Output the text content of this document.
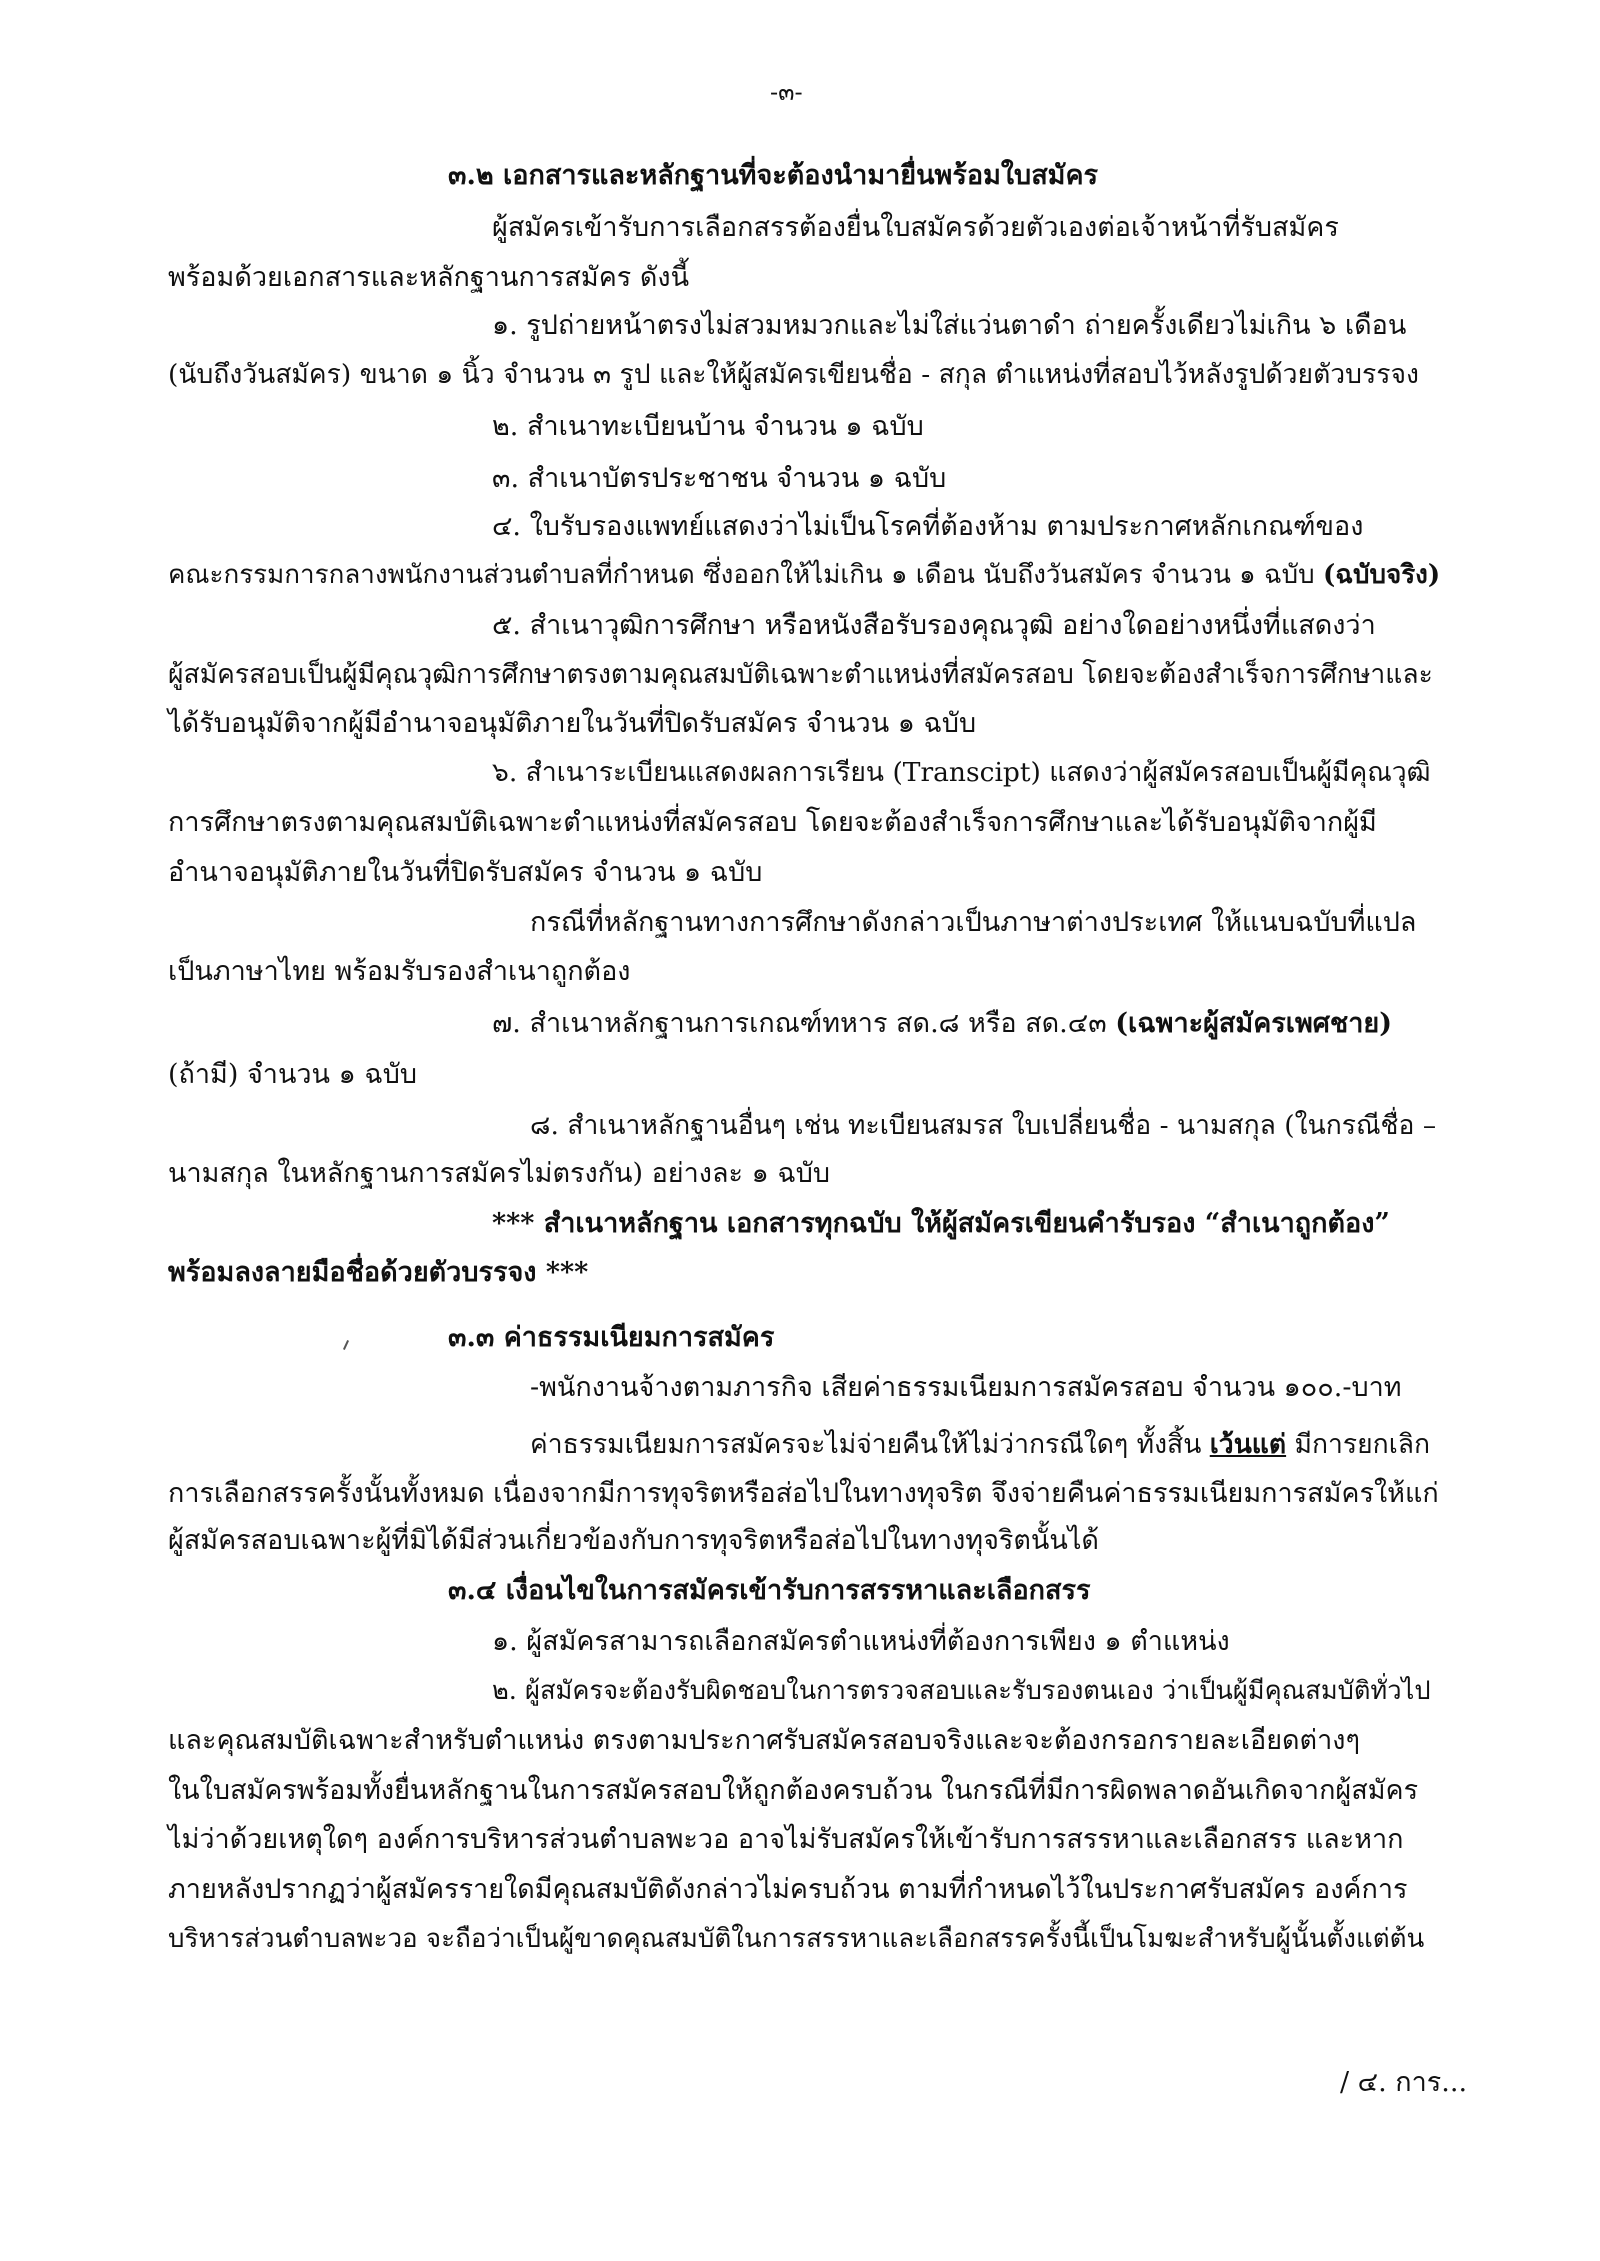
-๓-
๓.๒ เอกสารและหลักฐานที่จะต้องนำมายื่นพร้อมใบสมัคร
ผู้สมัครเข้ารับการเลือกสรรต้องยื่นใบสมัครด้วยตัวเองต่อเจ้าหน้าที่รับสมัคร
พร้อมด้วยเอกสารและหลักฐานการสมัคร ดังนี้
๑. รูปถ่ายหน้าตรงไม่สวมหมวกและไม่ใส่แว่นตาดำ ถ่ายครั้งเดียวไม่เกิน ๖ เดือน
(นับถึงวันสมัคร) ขนาด ๑ นิ้ว จำนวน ๓ รูป และให้ผู้สมัครเขียนชื่อ - สกุล ตำแหน่งที่สอบไว้หลังรูปด้วยตัวบรรจง
๒. สำเนาทะเบียนบ้าน จำนวน ๑ ฉบับ
๓. สำเนาบัตรประชาชน จำนวน ๑ ฉบับ
๔. ใบรับรองแพทย์แสดงว่าไม่เป็นโรคที่ต้องห้าม ตามประกาศหลักเกณฑ์ของ
คณะกรรมการกลางพนักงานส่วนตำบลที่กำหนด ซึ่งออกให้ไม่เกิน ๑ เดือน นับถึงวันสมัคร จำนวน ๑ ฉบับ (ฉบับจริง)
๕. สำเนาวุฒิการศึกษา หรือหนังสือรับรองคุณวุฒิ อย่างใดอย่างหนึ่งที่แสดงว่า
ผู้สมัครสอบเป็นผู้มีคุณวุฒิการศึกษาตรงตามคุณสมบัติเฉพาะตำแหน่งที่สมัครสอบ โดยจะต้องสำเร็จการศึกษาและ
ได้รับอนุมัติจากผู้มีอำนาจอนุมัติภายในวันที่ปิดรับสมัคร จำนวน ๑ ฉบับ
๖. สำเนาระเบียนแสดงผลการเรียน (Transcipt) แสดงว่าผู้สมัครสอบเป็นผู้มีคุณวุฒิ
การศึกษาตรงตามคุณสมบัติเฉพาะตำแหน่งที่สมัครสอบ โดยจะต้องสำเร็จการศึกษาและได้รับอนุมัติจากผู้มี
อำนาจอนุมัติภายในวันที่ปิดรับสมัคร จำนวน ๑ ฉบับ
กรณีที่หลักฐานทางการศึกษาดังกล่าวเป็นภาษาต่างประเทศ ให้แนบฉบับที่แปล
เป็นภาษาไทย พร้อมรับรองสำเนาถูกต้อง
๗. สำเนาหลักฐานการเกณฑ์ทหาร สด.๘ หรือ สด.๔๓ (เฉพาะผู้สมัครเพศชาย)
(ถ้ามี) จำนวน ๑ ฉบับ
๘. สำเนาหลักฐานอื่นๆ เช่น ทะเบียนสมรส ใบเปลี่ยนชื่อ - นามสกุล (ในกรณีชื่อ –
นามสกุล ในหลักฐานการสมัครไม่ตรงกัน) อย่างละ ๑ ฉบับ
*** สำเนาหลักฐาน เอกสารทุกฉบับ ให้ผู้สมัครเขียนคำรับรอง “สำเนาถูกต้อง”
พร้อมลงลายมือชื่อด้วยตัวบรรจง ***
๓.๓ ค่าธรรมเนียมการสมัคร
-พนักงานจ้างตามภารกิจ เสียค่าธรรมเนียมการสมัครสอบ จำนวน ๑๐๐.-บาท
ค่าธรรมเนียมการสมัครจะไม่จ่ายคืนให้ไม่ว่ากรณีใดๆ ทั้งสิ้น เว้นแต่ มีการยกเลิก
การเลือกสรรครั้งนั้นทั้งหมด เนื่องจากมีการทุจริตหรือส่อไปในทางทุจริต จึงจ่ายคืนค่าธรรมเนียมการสมัครให้แก่
ผู้สมัครสอบเฉพาะผู้ที่มิได้มีส่วนเกี่ยวข้องกับการทุจริตหรือส่อไปในทางทุจริตนั้นได้
๓.๔ เงื่อนไขในการสมัครเข้ารับการสรรหาและเลือกสรร
๑. ผู้สมัครสามารถเลือกสมัครตำแหน่งที่ต้องการเพียง ๑ ตำแหน่ง
๒. ผู้สมัครจะต้องรับผิดชอบในการตรวจสอบและรับรองตนเอง ว่าเป็นผู้มีคุณสมบัติทั่วไป
และคุณสมบัติเฉพาะสำหรับตำแหน่ง ตรงตามประกาศรับสมัครสอบจริงและจะต้องกรอกรายละเอียดต่างๆ
ในใบสมัครพร้อมทั้งยื่นหลักฐานในการสมัครสอบให้ถูกต้องครบถ้วน ในกรณีที่มีการผิดพลาดอันเกิดจากผู้สมัคร
ไม่ว่าด้วยเหตุใดๆ องค์การบริหารส่วนตำบลพะวอ อาจไม่รับสมัครให้เข้ารับการสรรหาและเลือกสรร และหาก
ภายหลังปรากฏว่าผู้สมัครรายใดมีคุณสมบัติดังกล่าวไม่ครบถ้วน ตามที่กำหนดไว้ในประกาศรับสมัคร องค์การ
บริหารส่วนตำบลพะวอ จะถือว่าเป็นผู้ขาดคุณสมบัติในการสรรหาและเลือกสรรครั้งนี้เป็นโมฆะสำหรับผู้นั้นตั้งแต่ต้น
/ ๔. การ...
